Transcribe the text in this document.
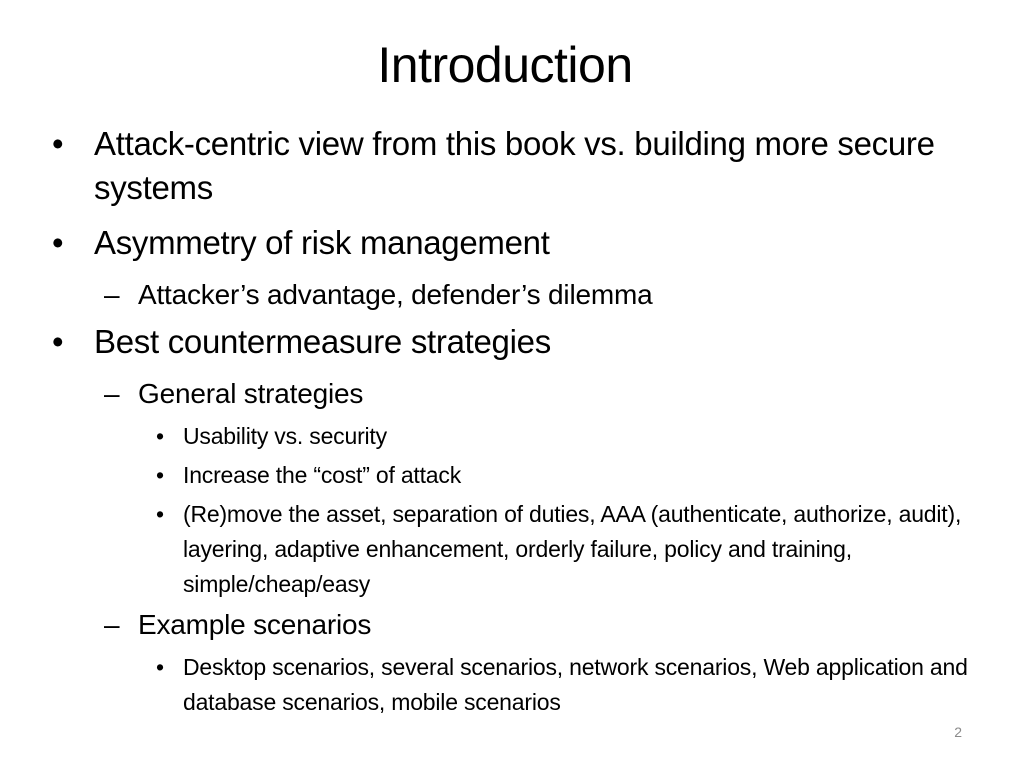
Introduction
• Attack-centric view from this book vs. building more secure systems
• Asymmetry of risk management
– Attacker’s advantage, defender’s dilemma
• Best countermeasure strategies
– General strategies
• Usability vs. security
• Increase the “cost” of attack
• (Re)move the asset, separation of duties, AAA (authenticate, authorize, audit), layering, adaptive enhancement, orderly failure, policy and training, simple/cheap/easy
– Example scenarios
• Desktop scenarios, several scenarios, network scenarios, Web application and database scenarios, mobile scenarios
2
